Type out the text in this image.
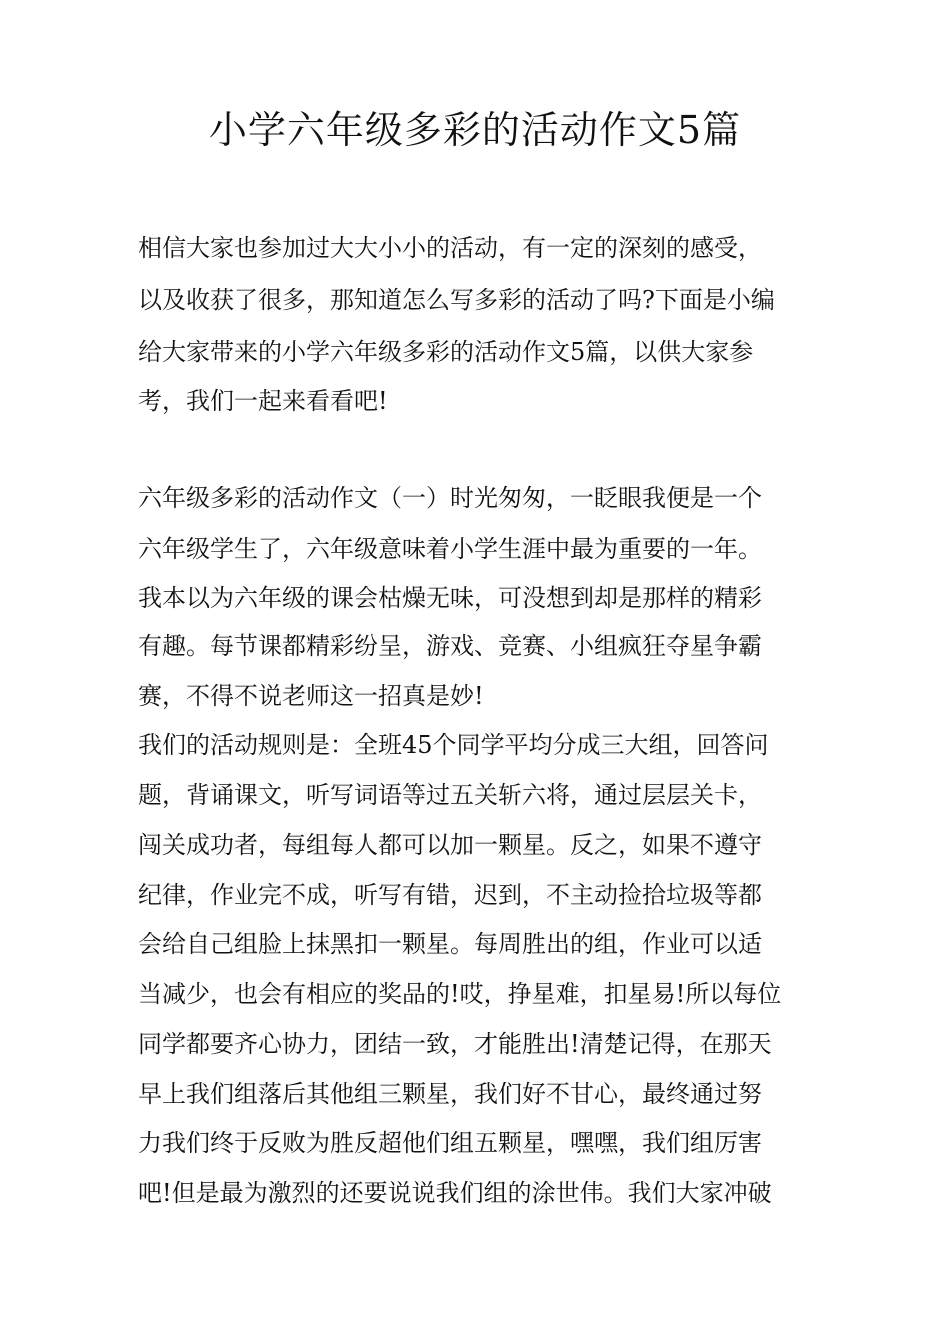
小学六年级多彩的活动作文5篇

相信大家也参加过大大小小的活动，有一定的深刻的感受，

以及收获了很多，那知道怎么写多彩的活动了吗?下面是小编

给大家带来的小学六年级多彩的活动作文5篇，以供大家参

考，我们一起来看看吧!

六年级多彩的活动作文（一）时光匆匆，一眨眼我便是一个

六年级学生了，六年级意味着小学生涯中最为重要的一年。

我本以为六年级的课会枯燥无味，可没想到却是那样的精彩

有趣。每节课都精彩纷呈，游戏、竞赛、小组疯狂夺星争霸

赛，不得不说老师这一招真是妙!

我们的活动规则是：全班45个同学平均分成三大组，回答问

题，背诵课文，听写词语等过五关斩六将，通过层层关卡，

闯关成功者，每组每人都可以加一颗星。反之，如果不遵守

纪律，作业完不成，听写有错，迟到，不主动捡拾垃圾等都

会给自己组脸上抹黑扣一颗星。每周胜出的组，作业可以适

当减少，也会有相应的奖品的!哎，挣星难，扣星易!所以每位

同学都要齐心协力，团结一致，才能胜出!清楚记得，在那天

早上我们组落后其他组三颗星，我们好不甘心，最终通过努

力我们终于反败为胜反超他们组五颗星，嘿嘿，我们组厉害

吧!但是最为激烈的还要说说我们组的涂世伟。我们大家冲破
